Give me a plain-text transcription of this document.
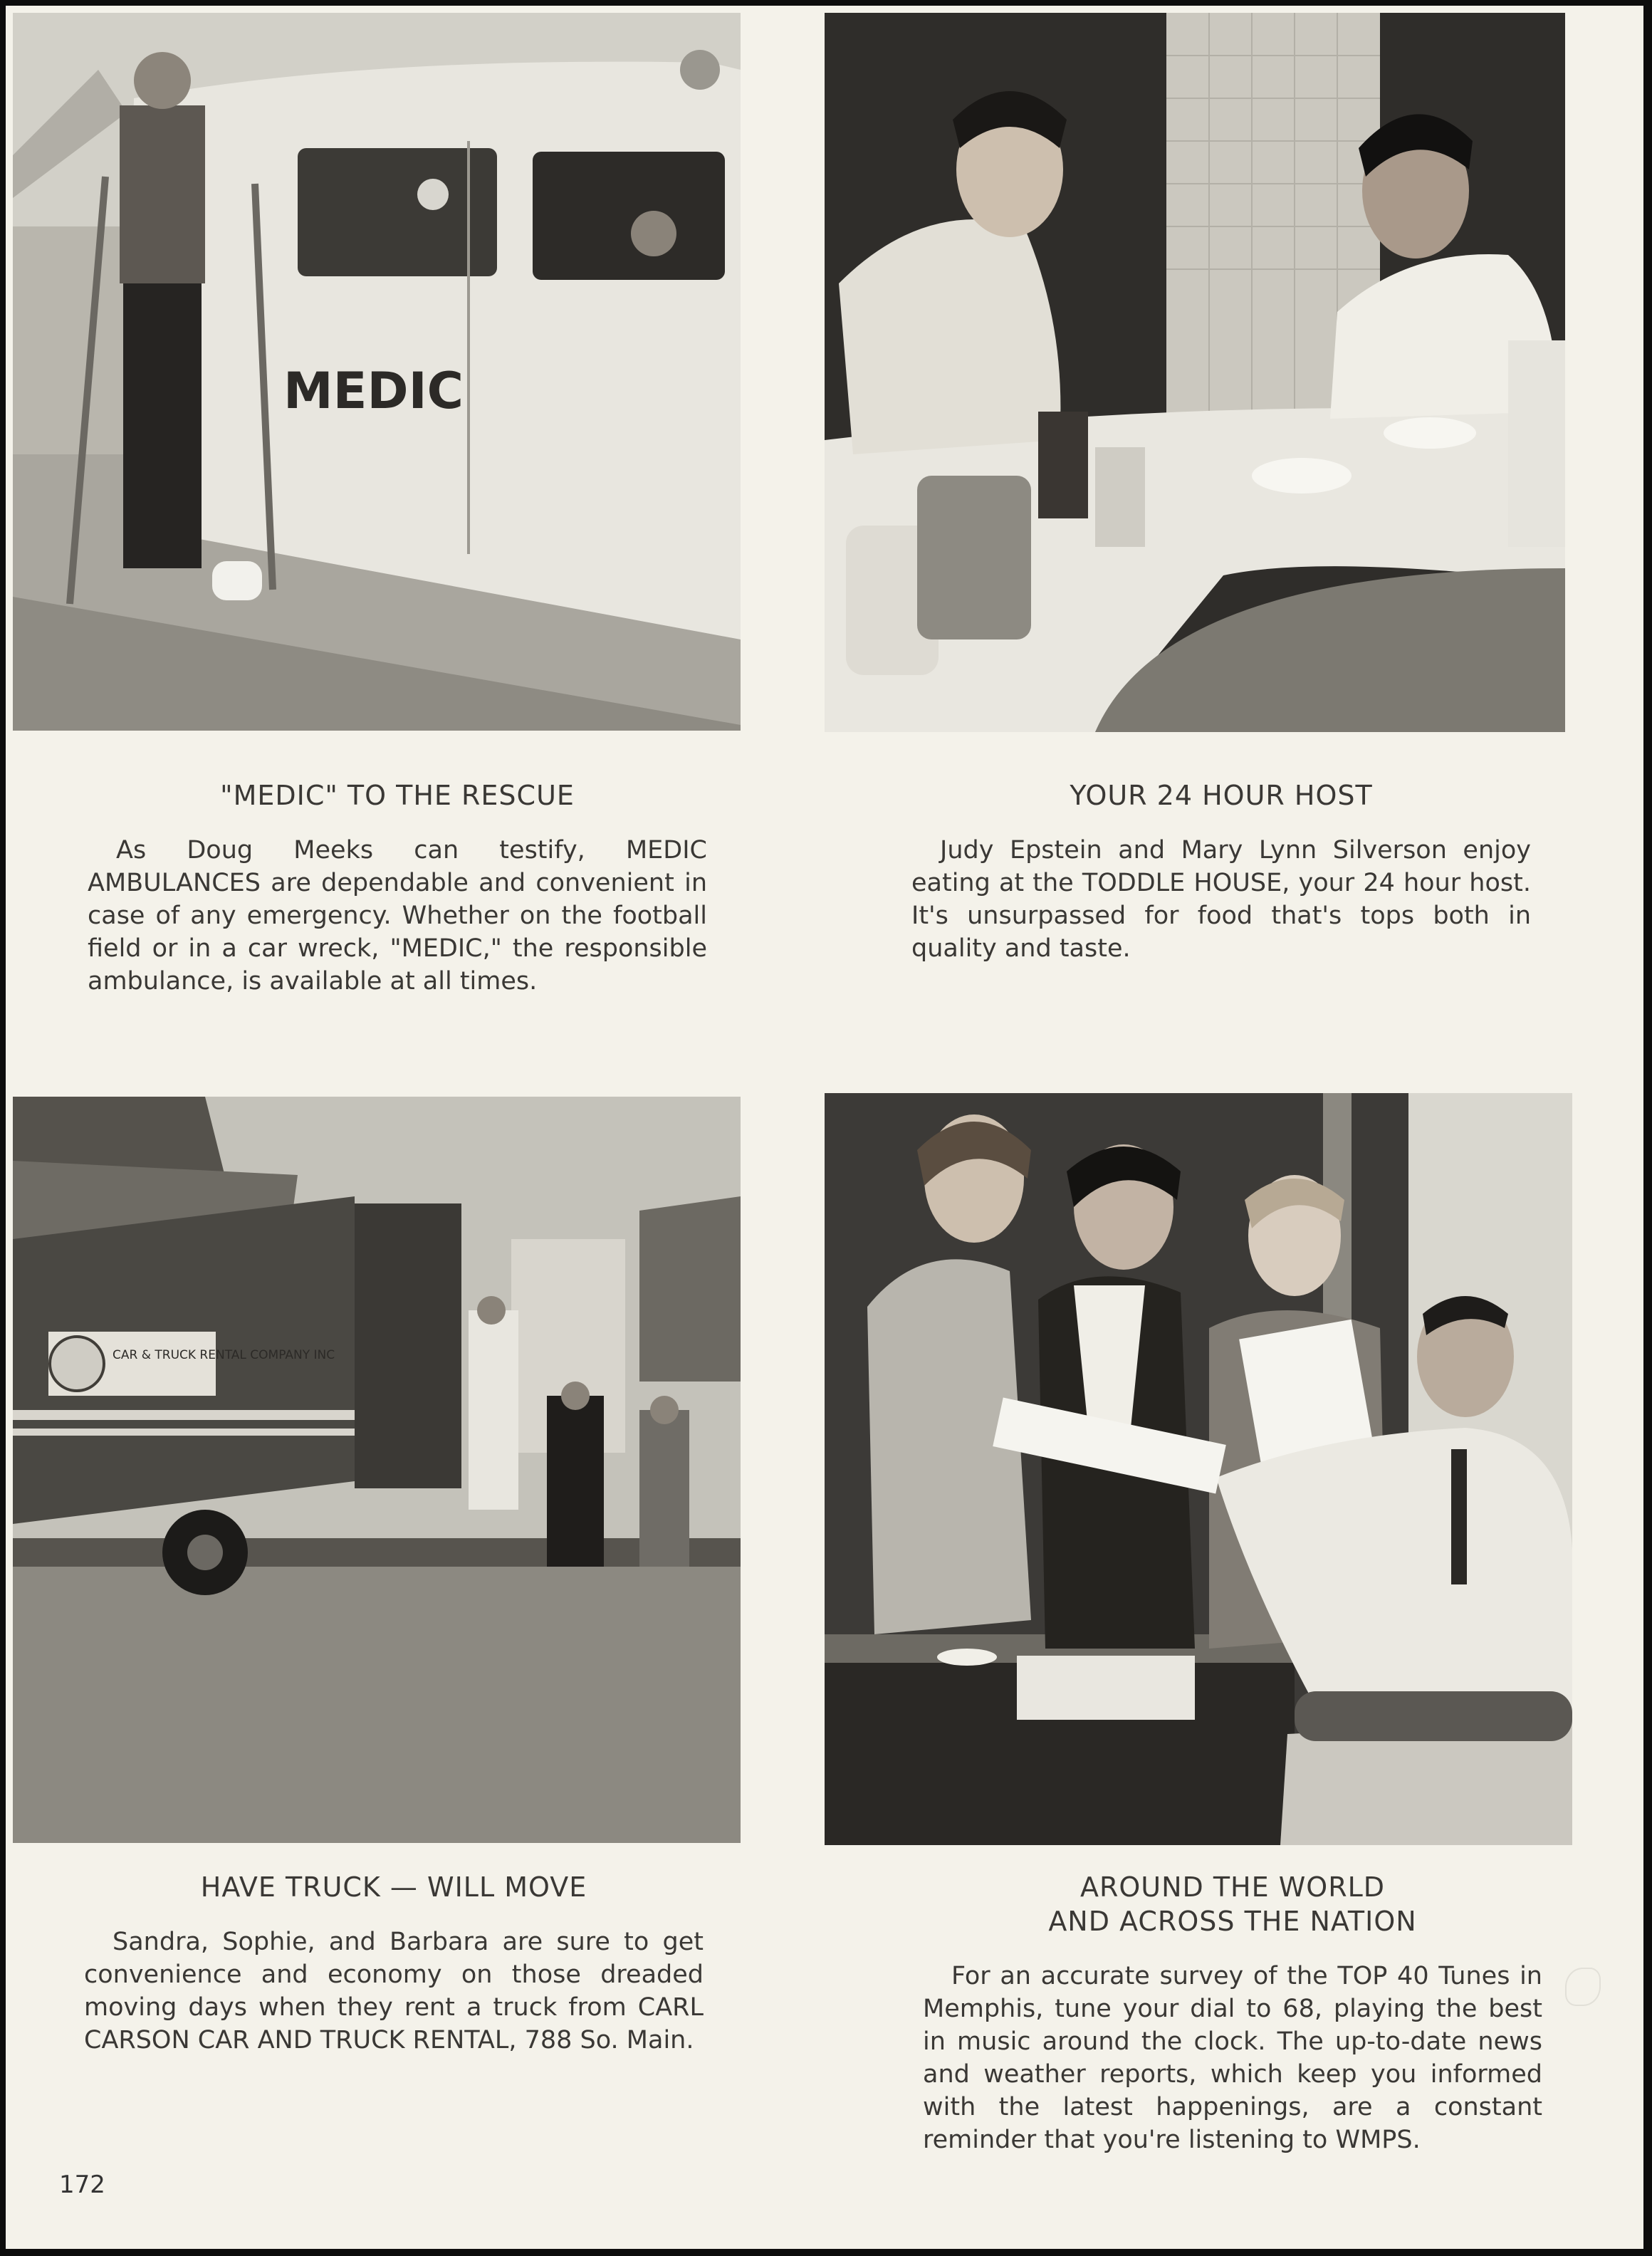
MEDIC
"MEDIC" TO THE RESCUE

As Doug Meeks can testify, MEDIC AMBULANCES are dependable and convenient in case of any emergency. Whether on the football field or in a car wreck, "MEDIC," the responsible ambulance, is available at all times.

YOUR 24 HOUR HOST

Judy Epstein and Mary Lynn Silverson enjoy eating at the TODDLE HOUSE, your 24 hour host. It's unsurpassed for food that's tops both in quality and taste.

CAR & TRUCK RENTAL COMPANY INC
HAVE TRUCK — WILL MOVE

Sandra, Sophie, and Barbara are sure to get convenience and economy on those dreaded moving days when they rent a truck from CARL CARSON CAR AND TRUCK RENTAL, 788 So. Main.

AROUND THE WORLD
AND ACROSS THE NATION

For an accurate survey of the TOP 40 Tunes in Memphis, tune your dial to 68, playing the best in music around the clock. The up-to-date news and weather reports, which keep you informed with the latest happenings, are a constant reminder that you're listening to WMPS.

172
